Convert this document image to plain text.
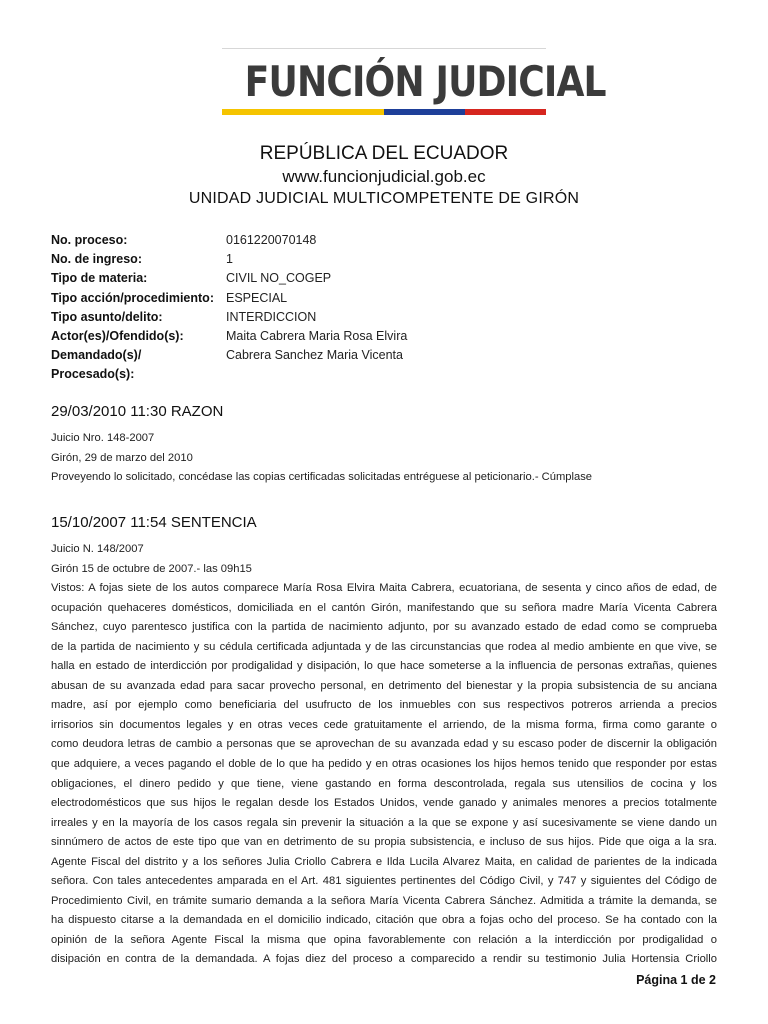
FUNCIÓN JUDICIAL
REPÚBLICA DEL ECUADOR
www.funcionjudicial.gob.ec
UNIDAD JUDICIAL MULTICOMPETENTE DE GIRÓN
No. proceso:	0161220070148
No. de ingreso:	1
Tipo de materia:	CIVIL NO_COGEP
Tipo acción/procedimiento: ESPECIAL
Tipo asunto/delito:	INTERDICCION
Actor(es)/Ofendido(s):	Maita Cabrera Maria Rosa Elvira
Demandado(s)/
Procesado(s):
Cabrera Sanchez Maria Vicenta
29/03/2010 11:30 RAZON
Juicio Nro. 148-2007
Girón, 29 de marzo del 2010
Proveyendo lo solicitado, concédase las copias certificadas solicitadas entréguese al peticionario.- Cúmplase
15/10/2007 11:54 SENTENCIA
Juicio N. 148/2007
Girón 15 de octubre de 2007.- las 09h15
Vistos: A fojas siete de los autos comparece María Rosa Elvira Maita Cabrera, ecuatoriana, de sesenta y cinco años de edad, de
ocupación quehaceres domésticos, domiciliada en el cantón Girón, manifestando que su señora madre María Vicenta Cabrera
Sánchez, cuyo parentesco justifica con la partida de nacimiento adjunto, por su avanzado estado de edad como se comprueba
de la partida de nacimiento y su cédula certificada adjuntada y de las circunstancias que rodea al medio ambiente en que vive, se
halla en estado de interdicción por prodigalidad y disipación, lo que hace someterse a la influencia de personas extrañas, quienes
abusan de su avanzada edad para sacar provecho personal, en detrimento del bienestar y la propia subsistencia de su anciana
madre, así por ejemplo como beneficiaria del usufructo de los inmuebles con sus respectivos potreros arrienda a precios
irrisorios sin documentos legales y en otras veces cede gratuitamente el arriendo, de la misma forma, firma como garante o
como deudora letras de cambio a personas que se aprovechan de su avanzada edad y su escaso poder de discernir la obligación
que adquiere, a veces pagando el doble de lo que ha pedido y en otras ocasiones los hijos hemos tenido que responder por estas
obligaciones, el dinero pedido y que tiene, viene gastando en forma descontrolada, regala sus utensilios de cocina y los
electrodomésticos que sus hijos le regalan desde los Estados Unidos, vende ganado y animales menores a precios totalmente
irreales y en la mayoría de los casos regala sin prevenir la situación a la que se expone y así sucesivamente se viene dando un
sinnúmero de actos de este tipo que van en detrimento de su propia subsistencia, e incluso de sus hijos. Pide que oiga a la sra.
Agente Fiscal del distrito y a los señores Julia Criollo Cabrera e Ilda Lucila Alvarez Maita, en calidad de parientes de la indicada
señora. Con tales antecedentes amparada en el Art. 481 siguientes pertinentes del Código Civil, y 747 y siguientes del Código de
Procedimiento Civil, en trámite sumario demanda a la señora María Vicenta Cabrera Sánchez. Admitida a trámite la demanda, se
ha dispuesto citarse a la demandada en el domicilio indicado, citación que obra a fojas ocho del proceso. Se ha contado con la
opinión de la señora Agente Fiscal la misma que opina favorablemente con relación a la interdicción por prodigalidad o
disipación en contra de la demandada. A fojas diez del proceso a comparecido a rendir su testimonio Julia Hortensia Criollo
Página 1 de 2
